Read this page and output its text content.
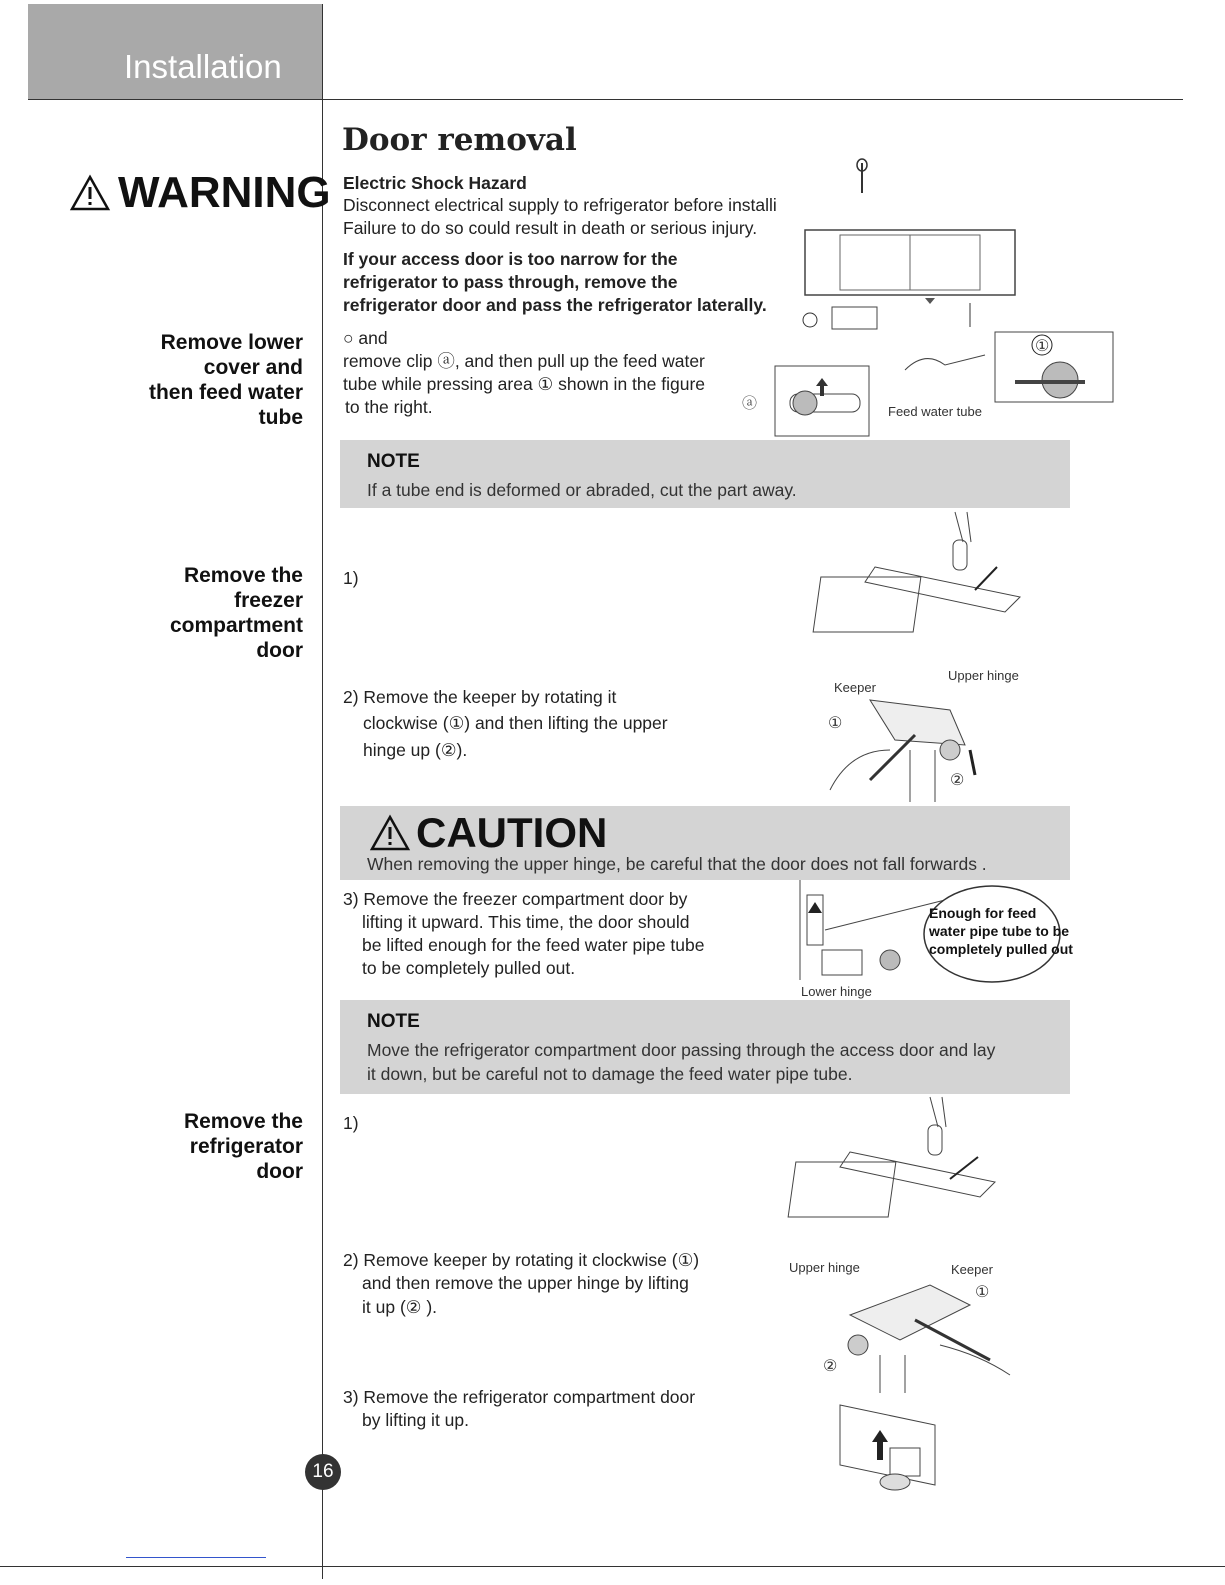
Installation
Door removal
WARNING Electric Shock Hazard
Disconnect electrical supply to refrigerator before installi
Failure to do so could result in death or serious injury.
If your access door is too narrow for the
refrigerator to pass through, remove the
refrigerator door and pass the refrigerator laterally.
○ and
remove clip ⓐ, and then pull up the feed water
tube while pressing area ① shown in the figure
to the right.
Remove lower
cover and
then feed water
tube
ⓐ
①
Feed water tube
NOTE
If a tube end is deformed or abraded, cut the part away.
Remove the
freezer
compartment
door
1)
2) Remove the keeper by rotating it
clockwise (①) and then lifting the upper
hinge up (②).
Keeper
Upper hinge
①
②
CAUTION
When removing the upper hinge, be careful that the door does not fall forwards .
3) Remove the freezer compartment door by
lifting it upward. This time, the door should
be lifted enough for the feed water pipe tube
to be completely pulled out.
Enough for feed
water pipe tube to be
completely pulled out
Lower hinge
NOTE
Move the refrigerator compartment door passing through the access door and lay
it down, but be careful not to damage the feed water pipe tube.
Remove the
refrigerator
door
1)
2) Remove keeper by rotating it clockwise (①)
and then remove the upper hinge by lifting
it up (② ).
Upper hinge	Keeper
①
②
3) Remove the refrigerator compartment door
by lifting it up.
16
